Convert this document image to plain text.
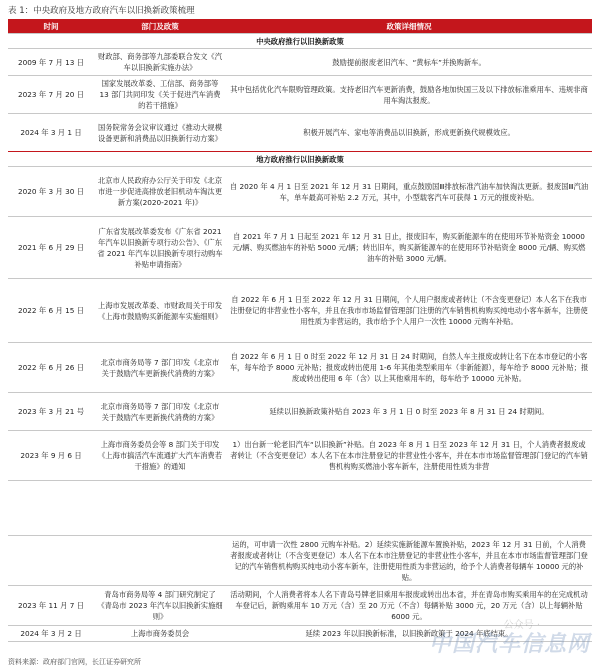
表 1：中央政府及地方政府汽车以旧换新政策梳理
时间	部门及政策	政策详细情况
中央政府推行以旧换新政策		
2009 年 7 月 13 日	财政部、商务部等九部委联合发文《汽车以旧换新实施办法》	鼓励提前报废老旧汽车、“黄标车”并换购新车。
2023 年 7 月 20 日	国家发展改革委、工信部、商务部等 13 部门共同印发《关于促进汽车消费的若干措施》	其中包括优化汽车限购管理政策。支持老旧汽车更新消费，鼓励各地加快国三及以下排放标准乘用车、违规非商用车淘汰报废。
2024 年 3 月 1 日	国务院常务会议审议通过《推动大规模设备更新和消费品以旧换新行动方案》	积极开展汽车、家电等消费品以旧换新，形成更新换代规模效应。
地方政府推行以旧换新政策		
2020 年 3 月 30 日	北京市人民政府办公厅关于印发《北京市进一步促进高排放老旧机动车淘汰更新方案(2020-2021 年)》	自 2020 年 4 月 1 日至 2021 年 12 月 31 日期间，重点鼓励国Ⅲ排放标准汽油车加快淘汰更新。报废国Ⅲ汽油车，单车最高可补贴 2.2 万元，其中，小型载客汽车可获得 1 万元的报废补贴。
2021 年 6 月 29 日	广东省发展改革委发布《广东省 2021 年汽车以旧换新专项行动公告》、《广东省 2021 年汽车以旧换新专项行动购车补贴申请指南》	自 2021 年 7 月 1 日起至 2021 年 12 月 31 日止，报废旧车，购买新能源车的在使用环节补贴资金 10000 元/辆、购买燃油车的补贴 5000 元/辆；转出旧车，购买新能源车的在使用环节补贴资金 8000 元/辆、购买燃油车的补贴 3000 元/辆。
2022 年 6 月 15 日	上海市发展改革委、市财政局关于印发《上海市鼓励购买新能源车实施细则》	自 2022 年 6 月 1 日至 2022 年 12 月 31 日期间，个人用户报废或者转让（不含变更登记）本人名下在我市注册登记的非营业性小客车，并且在我市市场监督管理部门注册的汽车销售机构购买纯电动小客车新车，注册使用性质为非营运的，我市给予个人用户一次性 10000 元购车补贴。
2022 年 6 月 26 日	北京市商务局等 7 部门印发《北京市关于鼓励汽车更新换代消费的方案》	自 2022 年 6 月 1 日 0 时至 2022 年 12 月 31 日 24 时期间，自然人车主报废或转让名下在本市登记的小客车，每车给予 8000 元补贴；报废或转出使用 1-6 年其他类型乘用车（非新能源），每车给予 8000 元补贴；报废或转出使用 6 年（含）以上其他乘用车的，每车给予 10000 元补贴。
2023 年 3 月 21 号	北京市商务局等 7 部门印发《北京市关于鼓励汽车更新换代消费的方案》	延续以旧换新政策补贴自 2023 年 3 月 1 日 0 时至 2023 年 8 月 31 日 24 时期间。
2023 年 9 月 6 日	上海市商务委员会等 8 部门关于印发《上海市搞活汽车流通扩大汽车消费若干措施》的通知	1）出台新一轮老旧汽车“以旧换新”补贴。自 2023 年 8 月 1 日至 2023 年 12 月 31 日，个人消费者报废或者转让（不含变更登记）本人名下在本市注册登记的非营业性小客车，并在本市市场监督管理部门登记的汽车销售机构购买燃油小客车新车，注册使用性质为非营

		运的，可申请一次性 2800 元购车补贴。2）延续实施新能源车置换补贴，2023 年 12 月 31 日前，个人消费者报废或者转让（不含变更登记）本人名下在本市注册登记的非营业性小客车，并且在本市市场监督管理部门登记的汽车销售机构购买纯电动小客车新车，注册使用性质为非营运的，给予个人消费者每辆车 10000 元的补贴。
2023 年 11 月 7 日	青岛市商务局等 4 部门研究制定了《青岛市 2023 年汽车以旧换新实施细则》	活动期间，个人消费者将本人名下青岛号牌老旧乘用车报废或转出出本省，并在青岛市购买乘用车的在完成机动车登记后，新购乘用车 10 万元（含）至 20 万元（不含）每辆补贴 3000 元，20 万元（含）以上每辆补贴 6000 元。
2024 年 3 月 2 日	上海市商务委员会	延续 2023 年以旧换新标准，以旧换新政策于 2024 年底结束。
公众号 ·
中国汽车信息网
资料来源：政府部门官网，长江证券研究所
